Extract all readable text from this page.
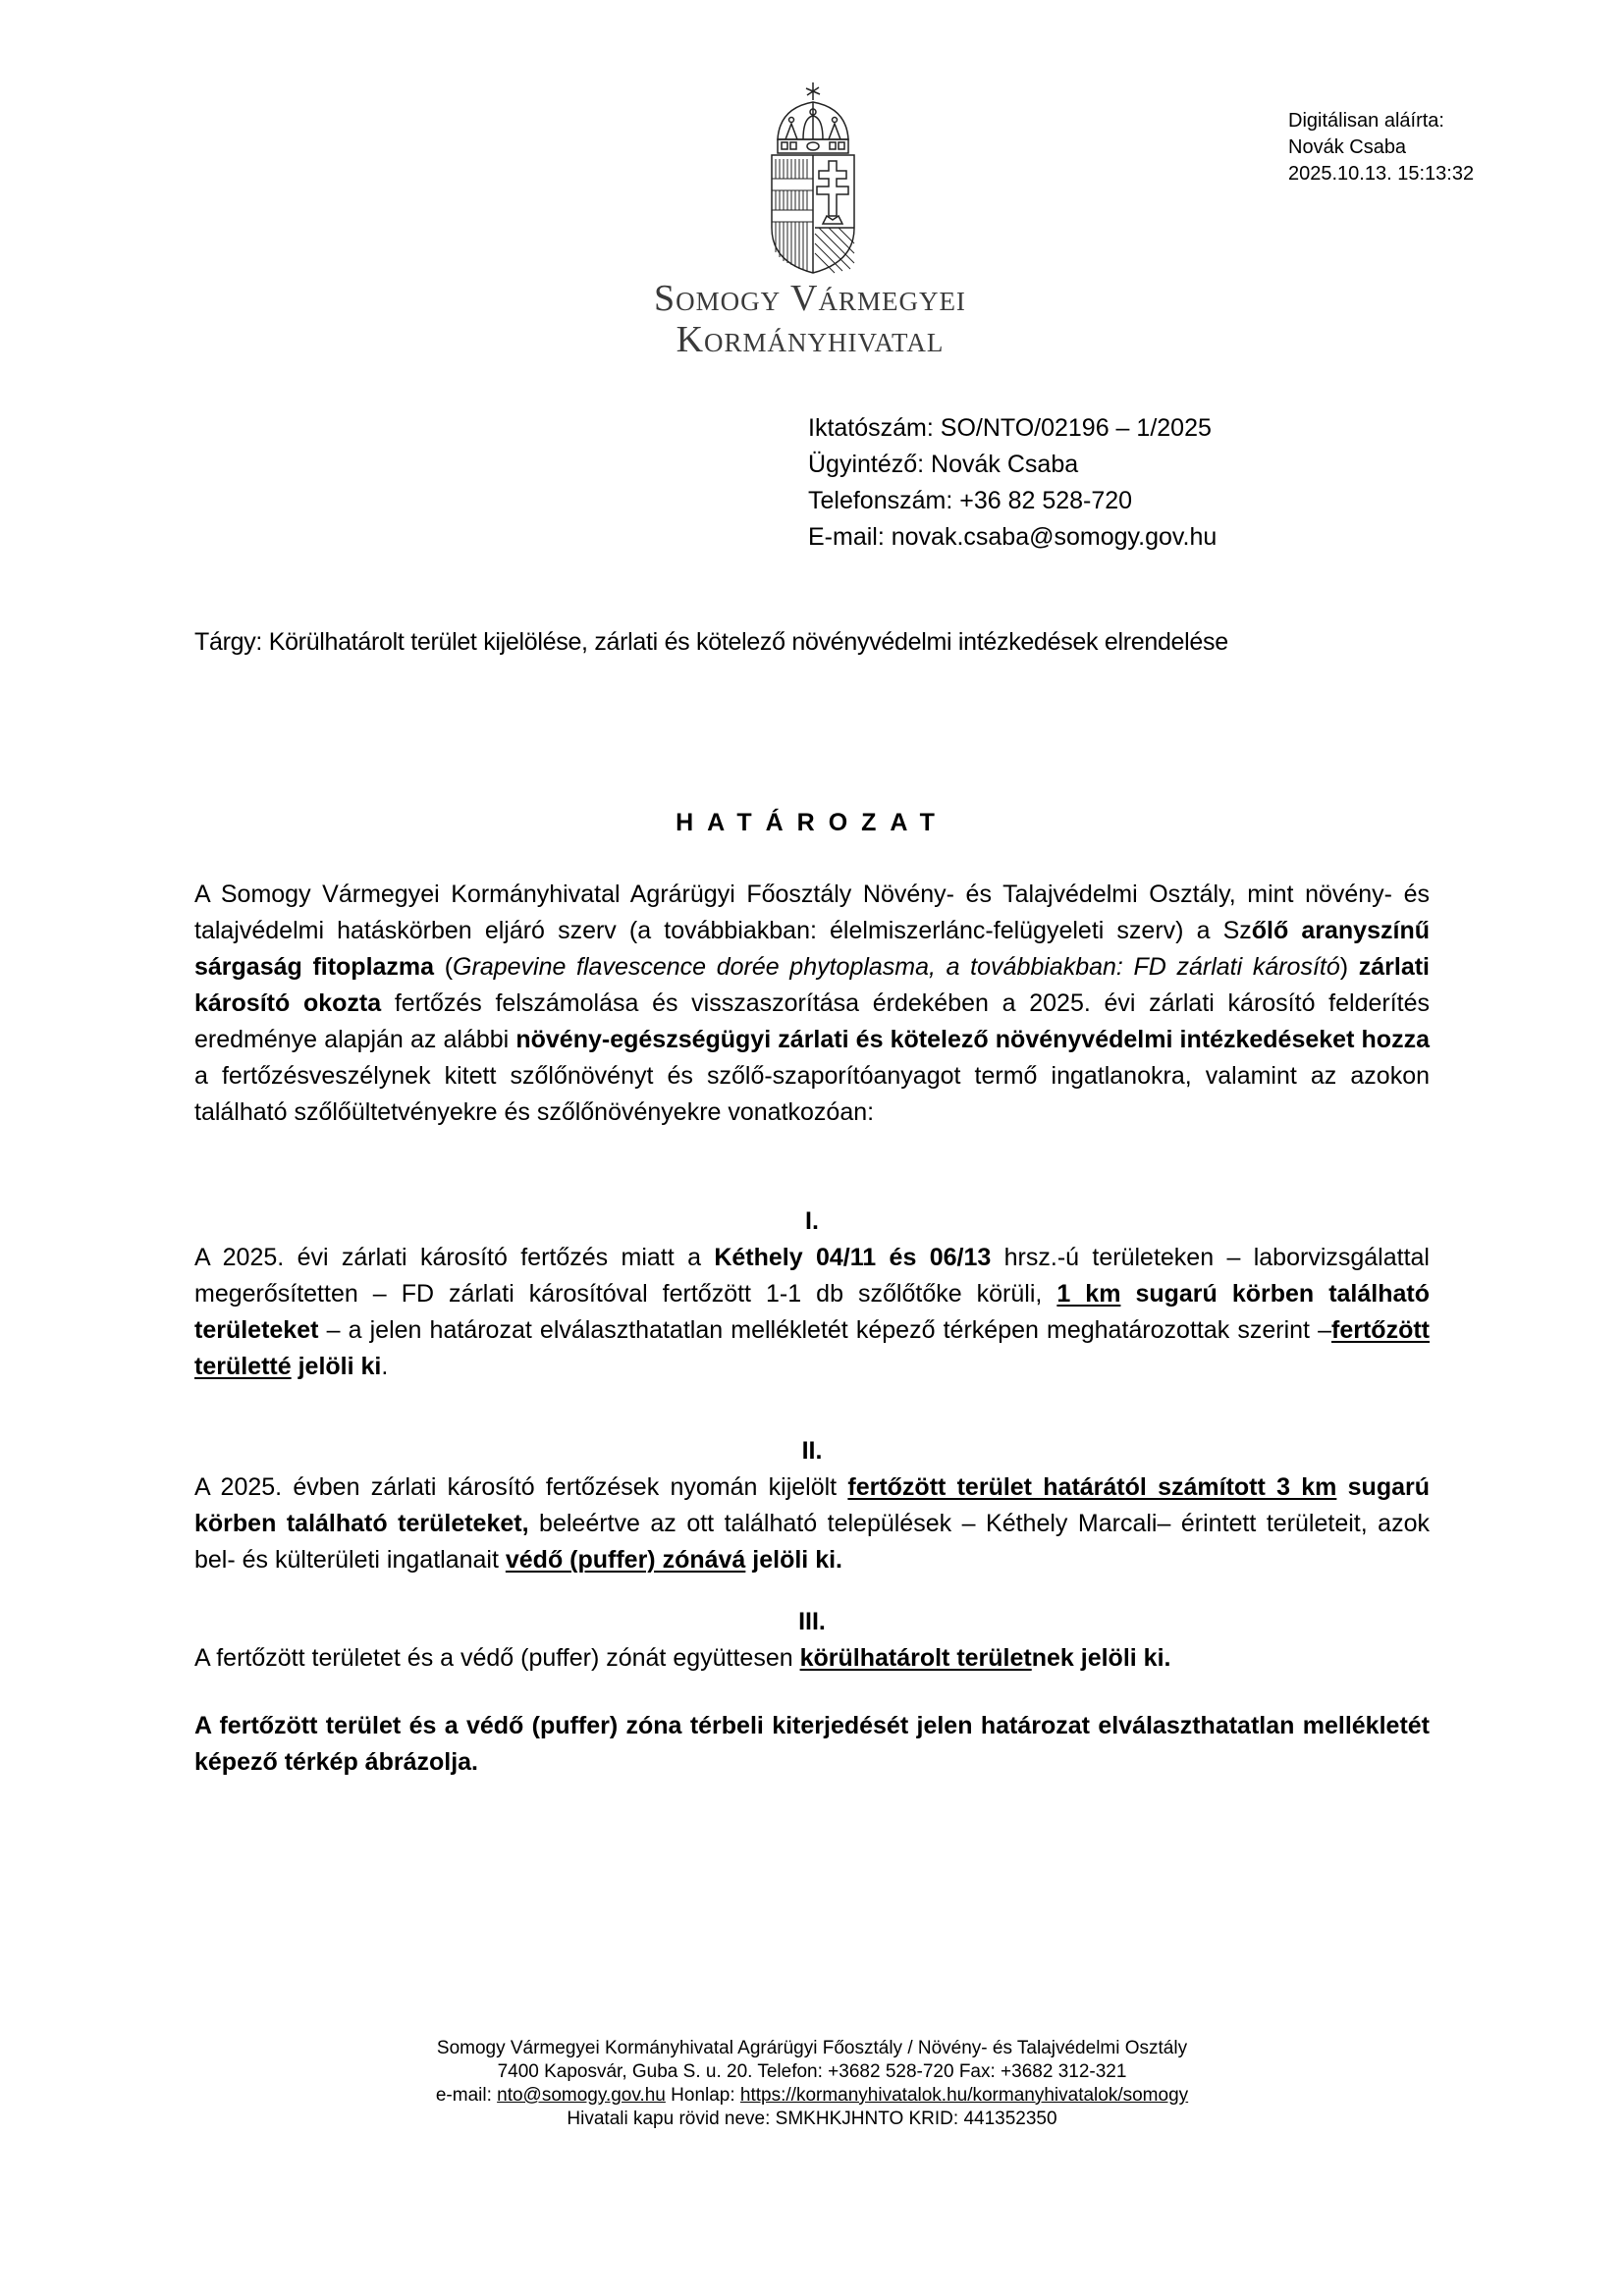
Somogy Vármegyei
Kormányhivatal
Digitálisan aláírta:
Novák Csaba
2025.10.13. 15:13:32
Iktatószám: SO/NTO/02196 – 1/2025
Ügyintéző: Novák Csaba
Telefonszám: +36 82 528-720
E-mail: novak.csaba@somogy.gov.hu
Tárgy: Körülhatárolt terület kijelölése, zárlati és kötelező növényvédelmi intézkedések elrendelése
HATÁROZAT

A Somogy Vármegyei Kormányhivatal Agrárügyi Főosztály Növény- és Talajvédelmi Osztály, mint növény- és talajvédelmi hatáskörben eljáró szerv (a továbbiakban: élelmiszerlánc-felügyeleti szerv) a Szőlő aranyszínű sárgaság fitoplazma (Grapevine flavescence dorée phytoplasma, a továbbiakban: FD zárlati károsító) zárlati károsító okozta fertőzés felszámolása és visszaszorítása érdekében a 2025. évi zárlati károsító felderítés eredménye alapján az alábbi növény-egészségügyi zárlati és kötelező növényvédelmi intézkedéseket hozza a fertőzésveszélynek kitett szőlőnövényt és szőlő-szaporítóanyagot termő ingatlanokra, valamint az azokon található szőlőültetvényekre és szőlőnövényekre vonatkozóan:

I.

A 2025. évi zárlati károsító fertőzés miatt a Kéthely 04/11 és 06/13 hrsz.-ú területeken – laborvizsgálattal megerősítetten – FD zárlati károsítóval fertőzött 1-1 db szőlőtőke körüli, 1 km sugarú körben található területeket – a jelen határozat elválaszthatatlan mellékletét képező térképen meghatározottak szerint –fertőzött területté jelöli ki.

II.

A 2025. évben zárlati károsító fertőzések nyomán kijelölt fertőzött terület határától számított 3 km sugarú körben található területeket, beleértve az ott található települések – Kéthely Marcali– érintett területeit, azok bel- és külterületi ingatlanait védő (puffer) zónává jelöli ki.

III.

A fertőzött területet és a védő (puffer) zónát együttesen körülhatárolt területnek jelöli ki.

A fertőzött terület és a védő (puffer) zóna térbeli kiterjedését jelen határozat elválaszthatatlan mellékletét képező térkép ábrázolja.

Somogy Vármegyei Kormányhivatal Agrárügyi Főosztály / Növény- és Talajvédelmi Osztály
7400 Kaposvár, Guba S. u. 20. Telefon: +3682 528-720 Fax: +3682 312-321
e-mail: nto@somogy.gov.hu Honlap: https://kormanyhivatalok.hu/kormanyhivatalok/somogy
Hivatali kapu rövid neve: SMKHKJHNTO KRID: 441352350
